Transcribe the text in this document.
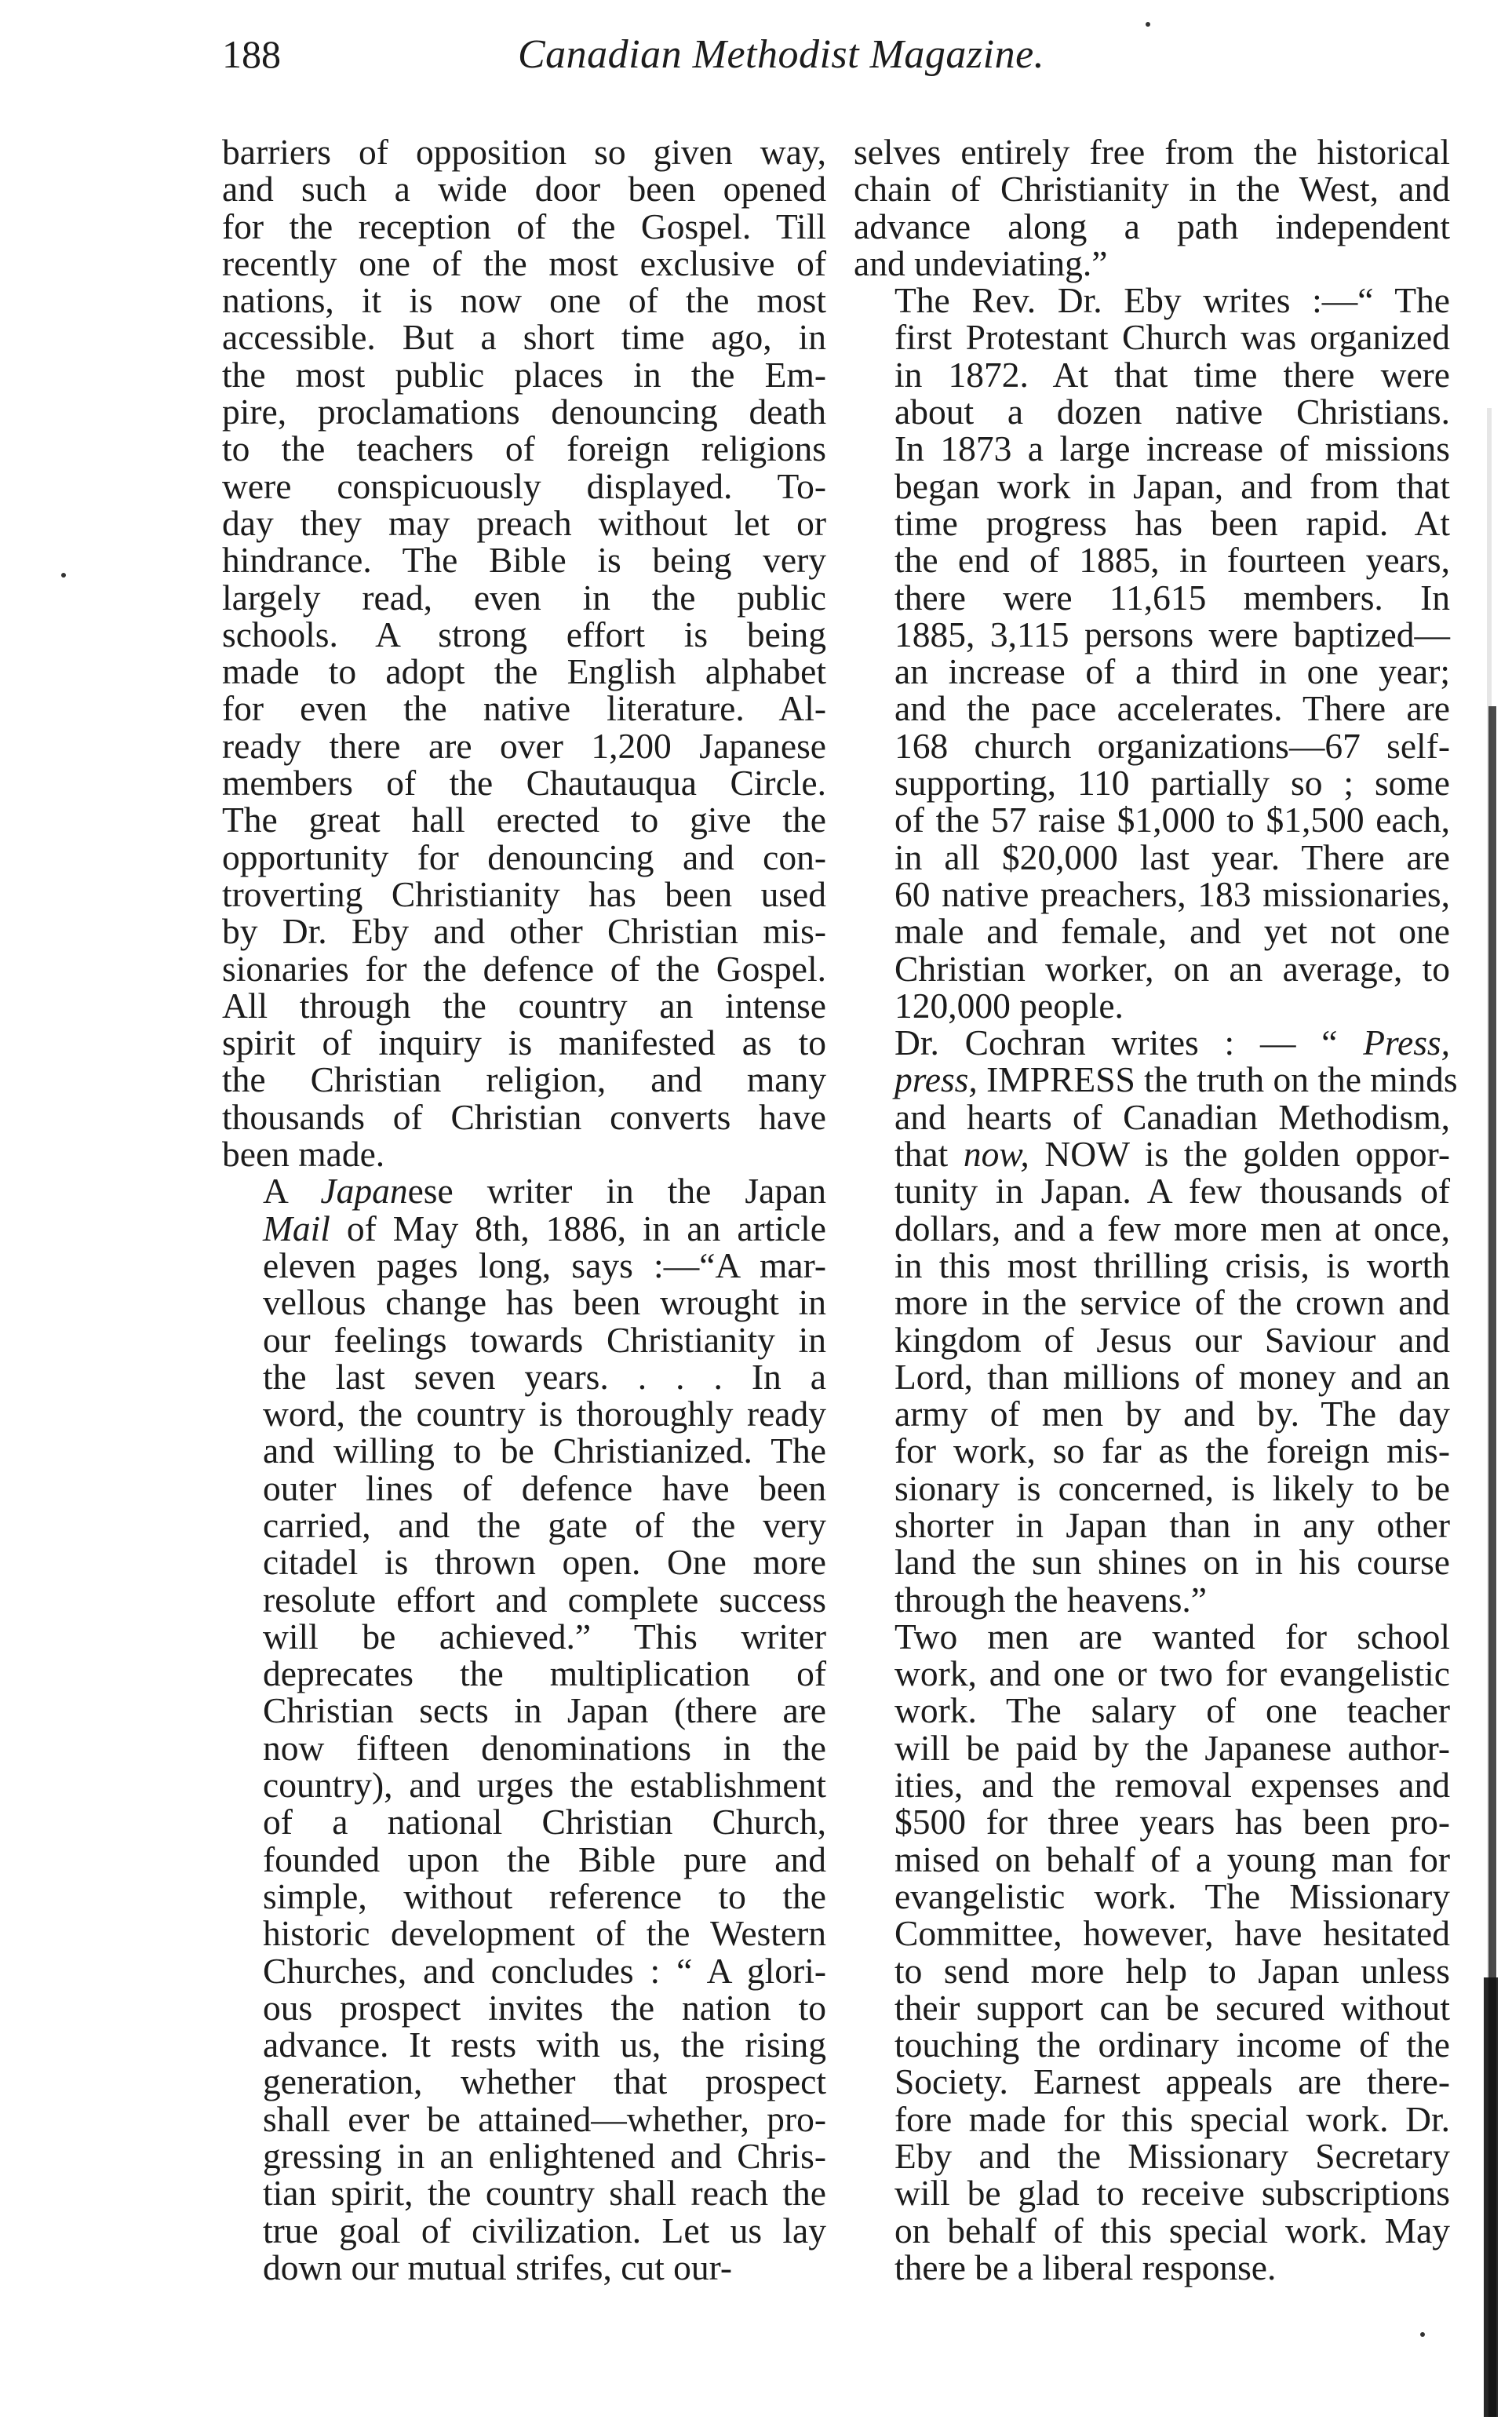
188	Canadian Methodist Magazine.

barriers of opposition so given way,
and such a wide door been opened
for the reception of the Gospel. Till
recently one of the most exclusive of
nations, it is now one of the most
accessible. But a short time ago, in
the most public places in the Em-
pire, proclamations denouncing death
to the teachers of foreign religions
were conspicuously displayed. To-
day they may preach without let or
hindrance. The Bible is being very
largely read, even in the public
schools. A strong effort is being
made to adopt the English alphabet
for even the native literature. Al-
ready there are over 1,200 Japanese
members of the Chautauqua Circle.
The great hall erected to give the
opportunity for denouncing and con-
troverting Christianity has been used
by Dr. Eby and other Christian mis-
sionaries for the defence of the Gospel.
All through the country an intense
spirit of inquiry is manifested as to
the Christian religion, and many
thousands of Christian converts have
been made.

A Japanese writer in the Japan
Mail of May 8th, 1886, in an article
eleven pages long, says :—“A mar-
vellous change has been wrought in
our feelings towards Christianity in
the last seven years. . . . In a
word, the country is thoroughly ready
and willing to be Christianized. The
outer lines of defence have been
carried, and the gate of the very
citadel is thrown open. One more
resolute effort and complete success
will be achieved.” This writer
deprecates the multiplication of
Christian sects in Japan (there are
now fifteen denominations in the
country), and urges the establishment
of a national Christian Church,
founded upon the Bible pure and
simple, without reference to the
historic development of the Western
Churches, and concludes : “ A glori-
ous prospect invites the nation to
advance. It rests with us, the rising
generation, whether that prospect
shall ever be attained—whether, pro-
gressing in an enlightened and Chris-
tian spirit, the country shall reach the
true goal of civilization. Let us lay
down our mutual strifes, cut our-

selves entirely free from the historical
chain of Christianity in the West, and
advance along a path independent
and undeviating.”

The Rev. Dr. Eby writes :—“ The
first Protestant Church was organized
in 1872. At that time there were
about a dozen native Christians.
In 1873 a large increase of missions
began work in Japan, and from that
time progress has been rapid. At
the end of 1885, in fourteen years,
there were 11,615 members. In
1885, 3,115 persons were baptized—
an increase of a third in one year;
and the pace accelerates. There are
168 church organizations—67 self-
supporting, 110 partially so ; some
of the 57 raise $1,000 to $1,500 each,
in all $20,000 last year. There are
60 native preachers, 183 missionaries,
male and female, and yet not one
Christian worker, on an average, to
120,000 people.

Dr. Cochran writes : — “ Press,
press, IMPRESS the truth on the minds
and hearts of Canadian Methodism,
that now, NOW is the golden oppor-
tunity in Japan. A few thousands of
dollars, and a few more men at once,
in this most thrilling crisis, is worth
more in the service of the crown and
kingdom of Jesus our Saviour and
Lord, than millions of money and an
army of men by and by. The day
for work, so far as the foreign mis-
sionary is concerned, is likely to be
shorter in Japan than in any other
land the sun shines on in his course
through the heavens.”

Two men are wanted for school
work, and one or two for evangelistic
work. The salary of one teacher
will be paid by the Japanese author-
ities, and the removal expenses and
$500 for three years has been pro-
mised on behalf of a young man for
evangelistic work. The Missionary
Committee, however, have hesitated
to send more help to Japan unless
their support can be secured without
touching the ordinary income of the
Society. Earnest appeals are there-
fore made for this special work. Dr.
Eby and the Missionary Secretary
will be glad to receive subscriptions
on behalf of this special work. May
there be a liberal response.
